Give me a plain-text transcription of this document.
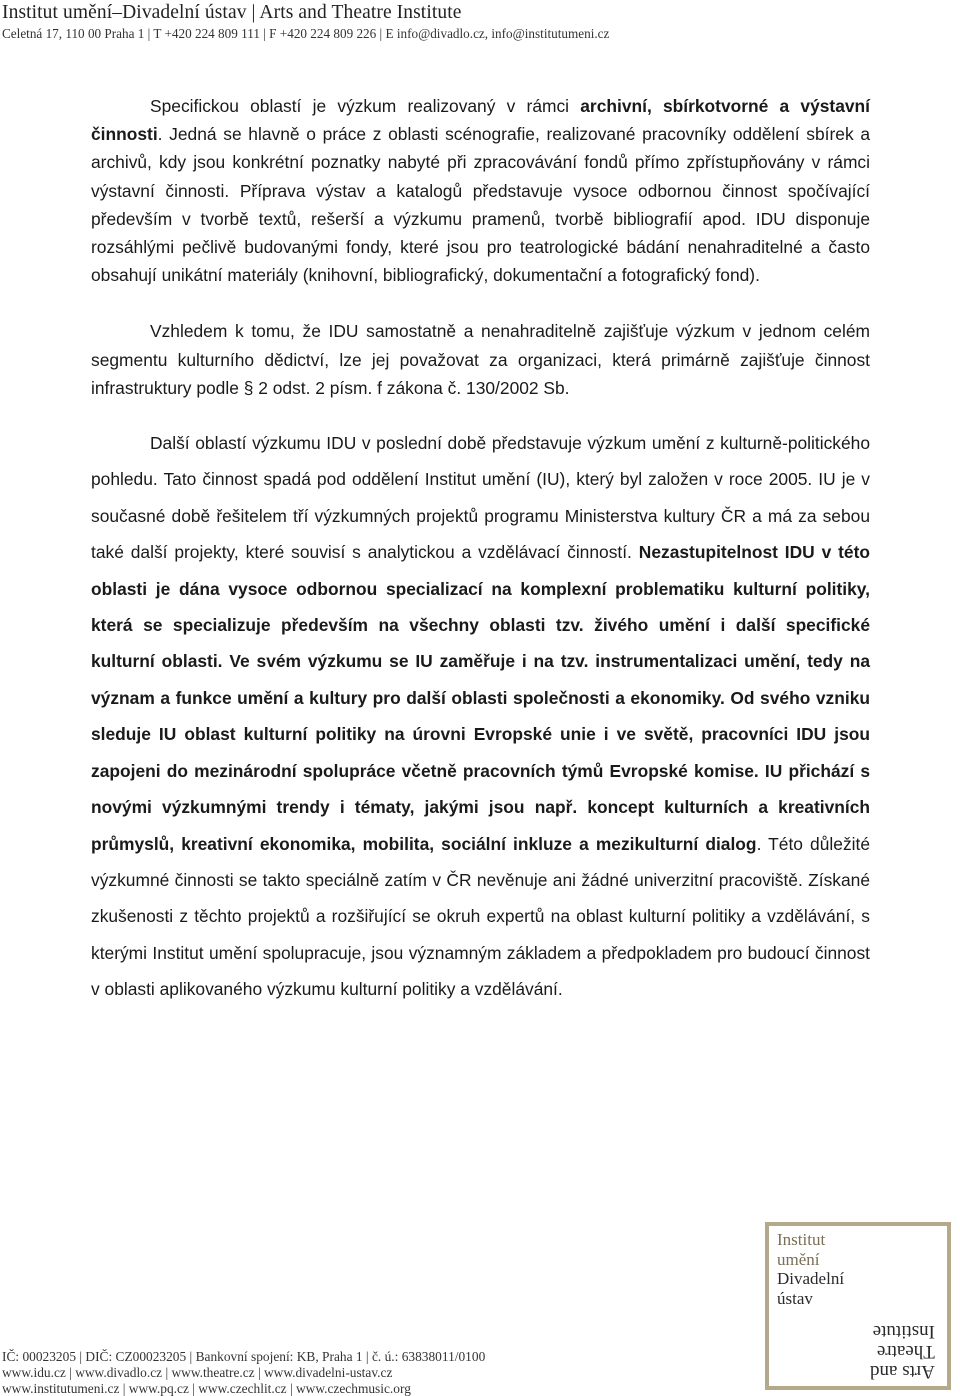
Institut umění–Divadelní ústav | Arts and Theatre Institute
Celetná 17, 110 00 Praha 1 | T +420 224 809 111 | F +420 224 809 226 | E info@divadlo.cz, info@institutumeni.cz

Specifickou oblastí je výzkum realizovaný v rámci archivní, sbírkotvorné a výstavní činnosti. Jedná se hlavně o práce z oblasti scénografie, realizované pracovníky oddělení sbírek a archivů, kdy jsou konkrétní poznatky nabyté při zpracovávání fondů přímo zpřístupňovány v rámci výstavní činnosti. Příprava výstav a katalogů představuje vysoce odbornou činnost spočívající především v tvorbě textů, rešerší a výzkumu pramenů, tvorbě bibliografií apod. IDU disponuje rozsáhlými pečlivě budovanými fondy, které jsou pro teatrologické bádání nenahraditelné a často obsahují unikátní materiály (knihovní, bibliografický, dokumentační a fotografický fond).

Vzhledem k tomu, že IDU samostatně a nenahraditelně zajišťuje výzkum v jednom celém segmentu kulturního dědictví, lze jej považovat za organizaci, která primárně zajišťuje činnost infrastruktury podle § 2 odst. 2 písm. f zákona č. 130/2002 Sb.

Další oblastí výzkumu IDU v poslední době představuje výzkum umění z kulturně-politického pohledu. Tato činnost spadá pod oddělení Institut umění (IU), který byl založen v roce 2005. IU je v současné době řešitelem tří výzkumných projektů programu Ministerstva kultury ČR a má za sebou také další projekty, které souvisí s analytickou a vzdělávací činností. Nezastupitelnost IDU v této oblasti je dána vysoce odbornou specializací na komplexní problematiku kulturní politiky, která se specializuje především na všechny oblasti tzv. živého umění i další specifické kulturní oblasti. Ve svém výzkumu se IU zaměřuje i na tzv. instrumentalizaci umění, tedy na význam a funkce umění a kultury pro další oblasti společnosti a ekonomiky. Od svého vzniku sleduje IU oblast kulturní politiky na úrovni Evropské unie i ve světě, pracovníci IDU jsou zapojeni do mezinárodní spolupráce včetně pracovních týmů Evropské komise. IU přichází s novými výzkumnými trendy i tématy, jakými jsou např. koncept kulturních a kreativních průmyslů, kreativní ekonomika, mobilita, sociální inkluze a mezikulturní dialog. Této důležité výzkumné činnosti se takto speciálně zatím v ČR nevěnuje ani žádné univerzitní pracoviště. Získané zkušenosti z těchto projektů a rozšiřující se okruh expertů na oblast kulturní politiky a vzdělávání, s kterými Institut umění spolupracuje, jsou významným základem a předpokladem pro budoucí činnost v oblasti aplikovaného výzkumu kulturní politiky a vzdělávání.

Institut
umění
Divadelní
ústav
Arts and
Theatre
Institute
IČ: 00023205 | DIČ: CZ00023205 | Bankovní spojení: KB, Praha 1 | č. ú.: 63838011/0100
www.idu.cz | www.divadlo.cz | www.theatre.cz | www.divadelni-ustav.cz
www.institutumeni.cz | www.pq.cz | www.czechlit.cz | www.czechmusic.org
